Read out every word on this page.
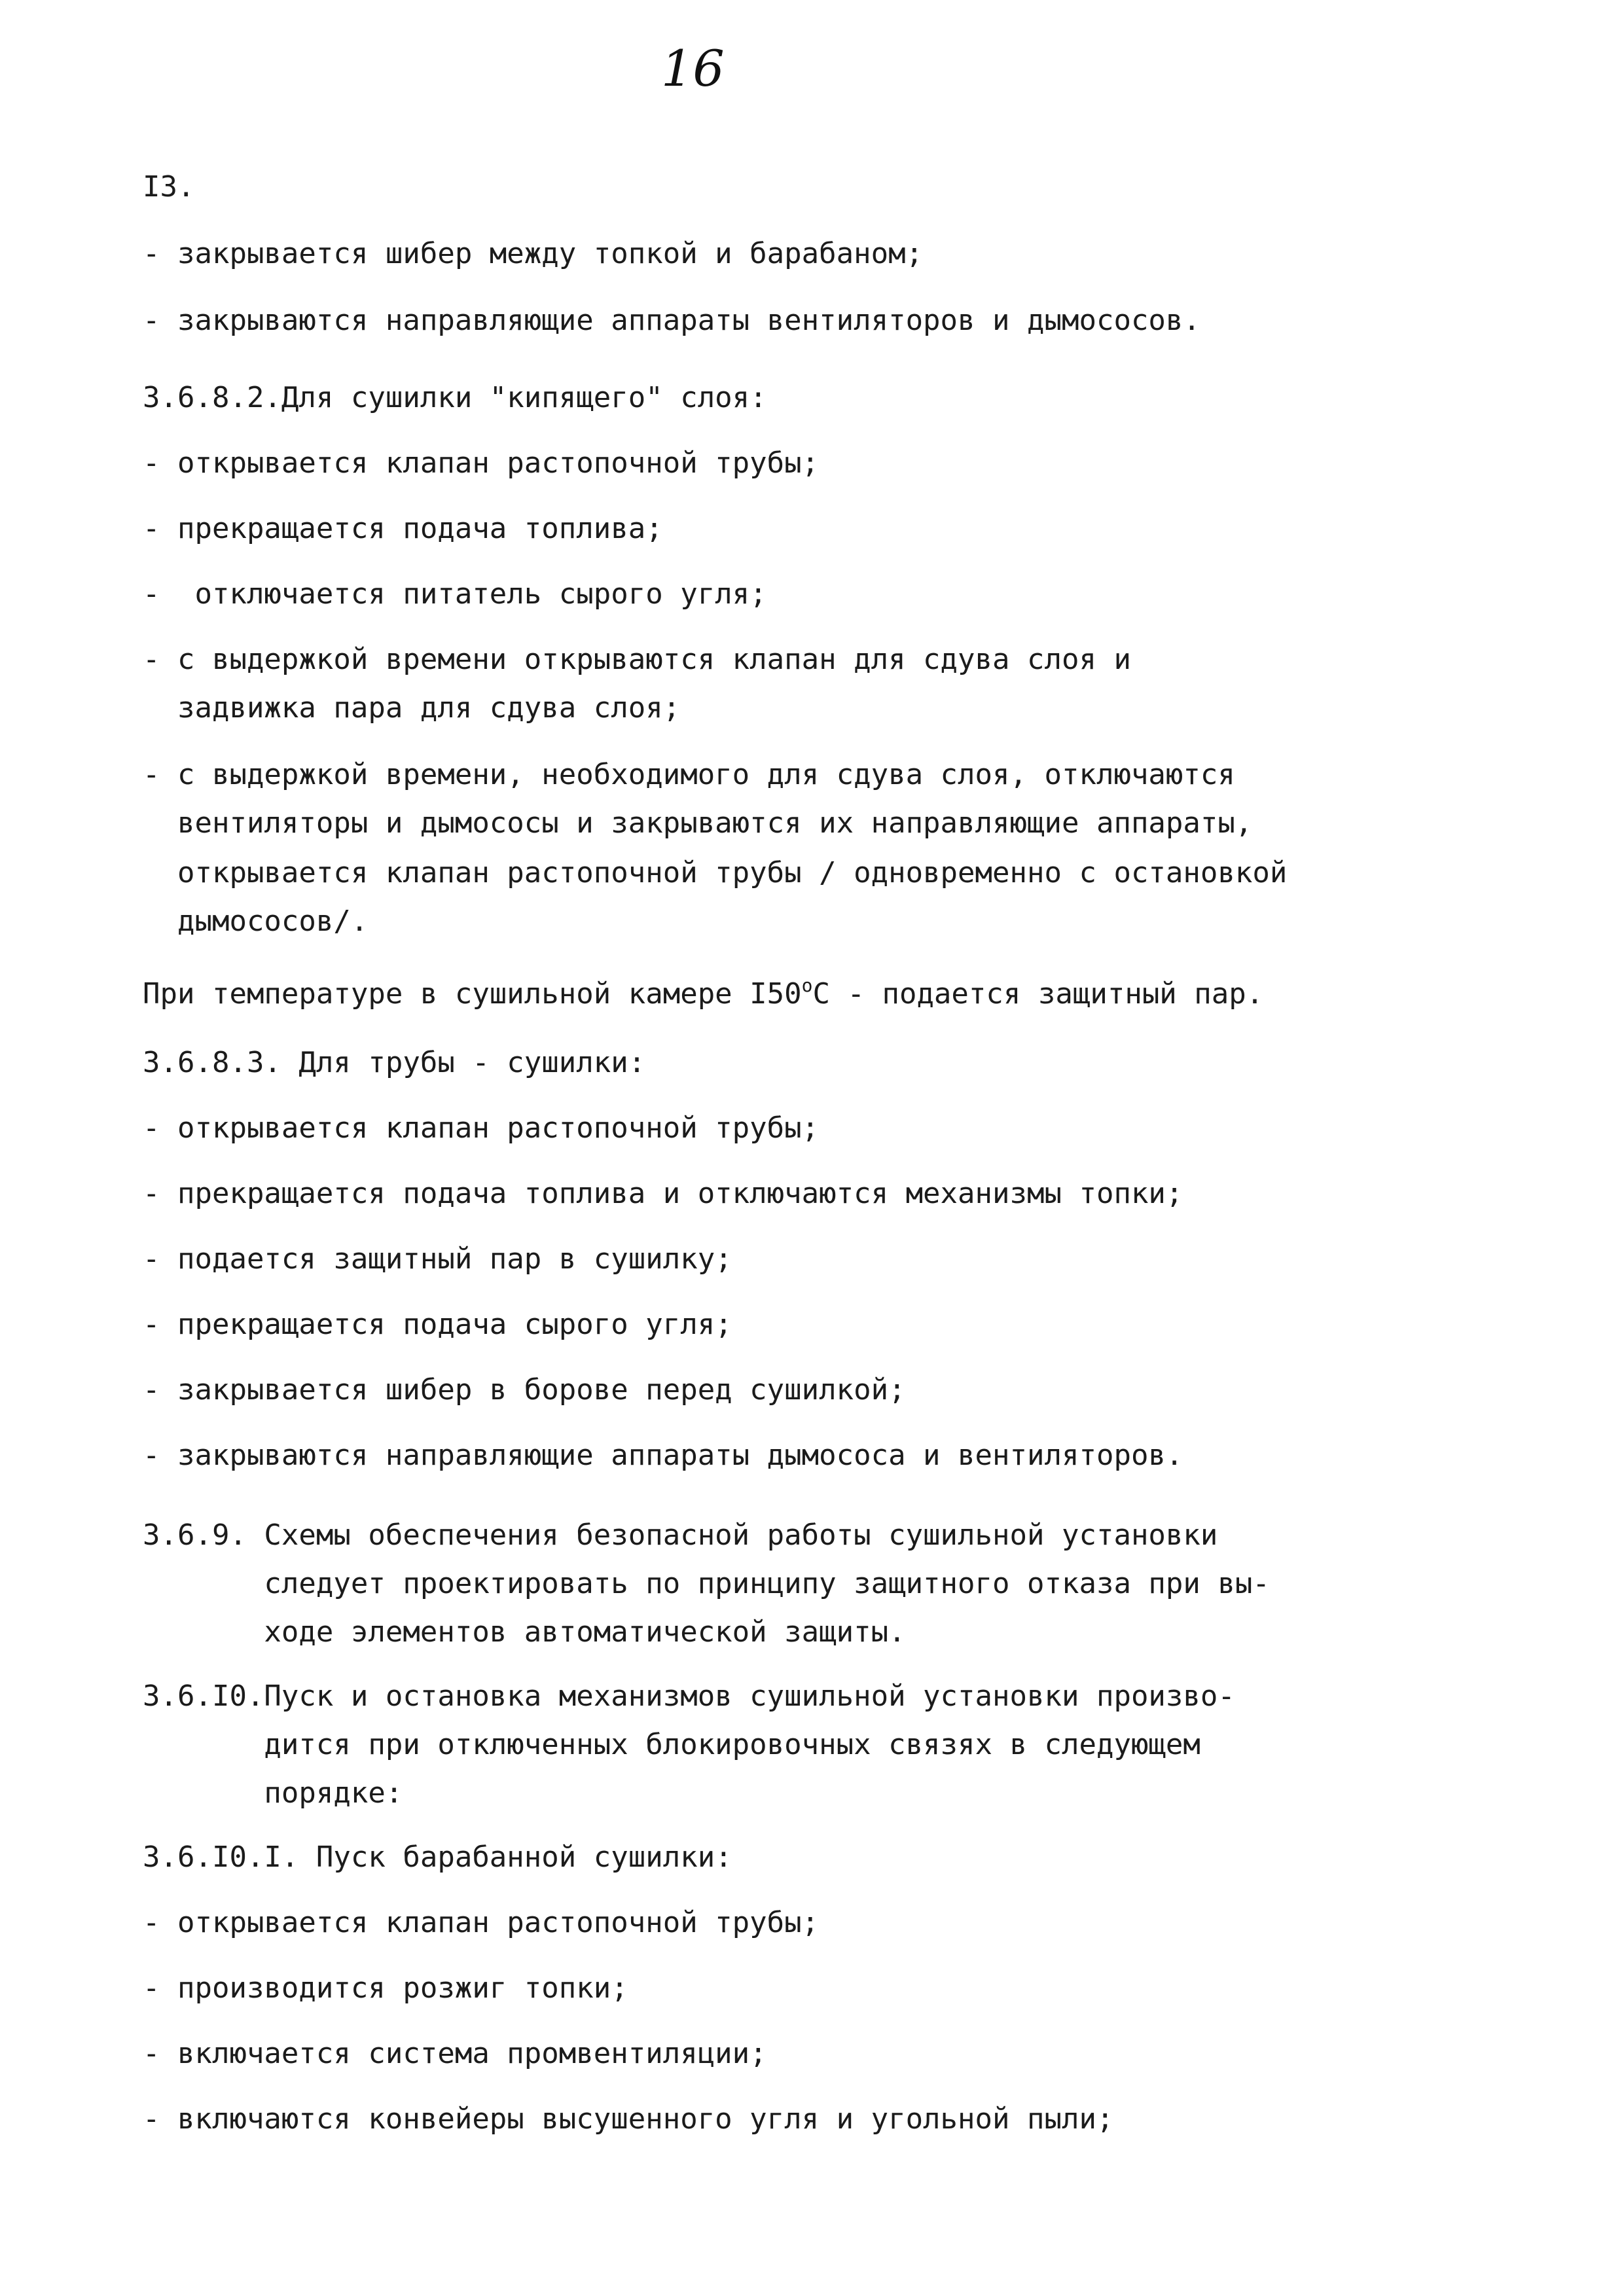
16
I3.
- закрывается шибер между топкой и барабаном;
- закрываются направляющие аппараты вентиляторов и дымососов.
3.6.8.2.Для сушилки "кипящего" слоя:
- открывается клапан растопочной трубы;
- прекращается подача топлива;
-  отключается питатель сырого угля;
- с выдержкой времени открываются клапан для сдува слоя и
задвижка пара для сдува слоя;
- с выдержкой времени, необходимого для сдува слоя, отключаются
вентиляторы и дымососы и закрываются их направляющие аппараты,
открывается клапан растопочной трубы / одновременно с остановкой
дымососов/.
При температуре в сушильной камере $I50^оС$ - подается защитный пар.
3.6.8.3. Для трубы - сушилки:
- открывается клапан растопочной трубы;
- прекращается подача топлива и отключаются механизмы топки;
- подается защитный пар в сушилку;
- прекращается подача сырого угля;
- закрывается шибер в борове перед сушилкой;
- закрываются направляющие аппараты дымососа и вентиляторов.
3.6.9. Схемы обеспечения безопасной работы сушильной установки
следует проектировать по принципу защитного отказа при вы-
ходе элементов автоматической защиты.
3.6.I0.Пуск и остановка механизмов сушильной установки произво-
дится при отключенных блокировочных связях в следующем
порядке:
3.6.I0.I. Пуск барабанной сушилки:
- открывается клапан растопочной трубы;
- производится розжиг топки;
- включается система промвентиляции;
- включаются конвейеры высушенного угля и угольной пыли;
